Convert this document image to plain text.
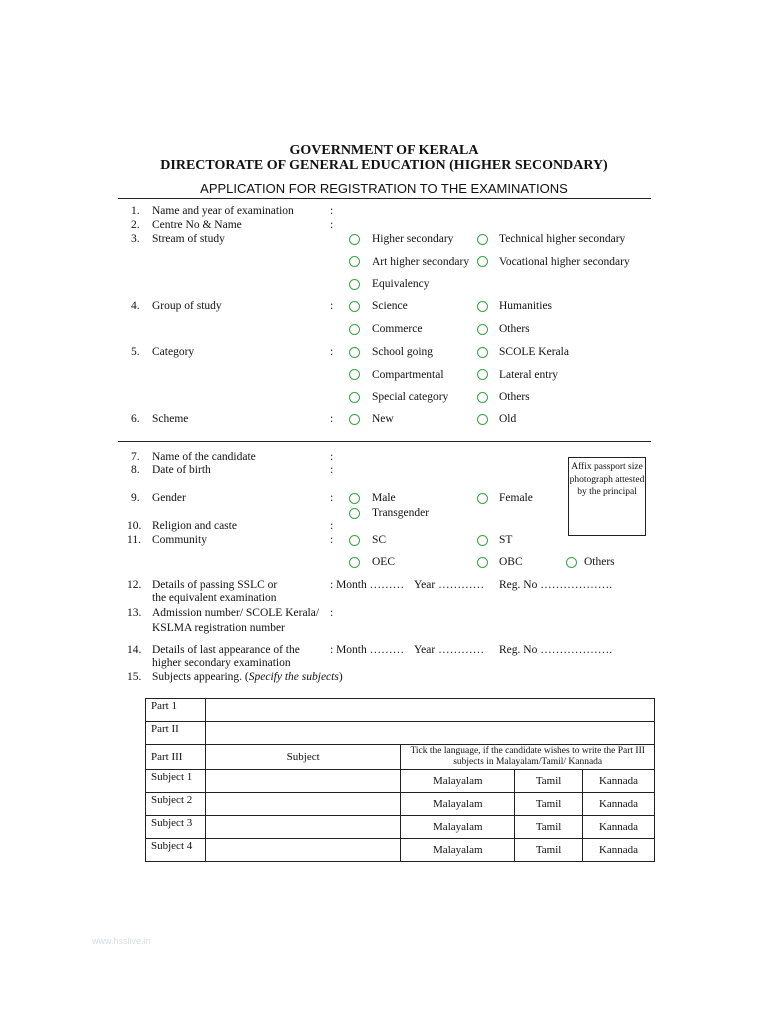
GOVERNMENT OF KERALA
DIRECTORATE OF GENERAL EDUCATION (HIGHER SECONDARY)
APPLICATION FOR REGISTRATION TO THE EXAMINATIONS
1. Name and year of examination	:
2. Centre No & Name	:
3. Stream of study	Higher secondary	Technical higher secondary
Art higher secondary	Vocational higher secondary
Equivalency
4. Group of study	:	Science	Humanities
Commerce	Others
5. Category	:	School going	SCOLE Kerala
Compartmental	Lateral entry
Special category	Others
6. Scheme	:	New	Old
7. Name of the candidate	:
8. Date of birth	:	Affix passport size photograph attested by the principal
9. Gender	:	Male	Female
Transgender
10. Religion and caste	:
11. Community	:	SC	ST
OEC	OBC	Others
12. Details of passing SSLC or
the equivalent examination
: Month ……… Year ………… Reg. No ……………….
13. Admission number/ SCOLE Kerala/
KSLMA registration number
:
14. Details of last appearance of the
higher secondary examination
: Month ……… Year ………… Reg. No ……………….
15. Subjects appearing. (Specify the subjects)
Part 1				
Part II				
Part III	Subject	Tick the language, if the candidate wishes to write the Part III subjects in Malayalam/Tamil/ Kannada		
Subject 1		Malayalam	Tamil	Kannada
Subject 2		Malayalam	Tamil	Kannada
Subject 3		Malayalam	Tamil	Kannada
Subject 4		Malayalam	Tamil	Kannada
www.hsslive.in
